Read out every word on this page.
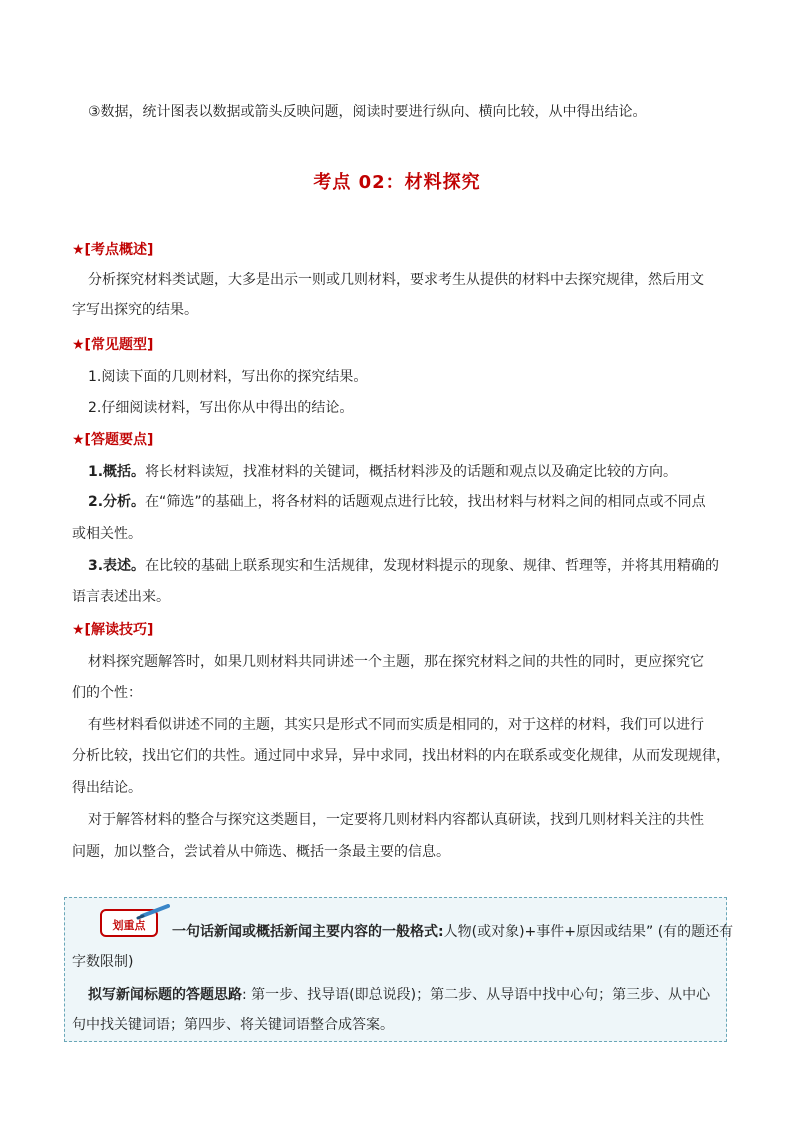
③数据，统计图表以数据或箭头反映问题，阅读时要进行纵向、横向比较，从中得出结论。
考点 02：材料探究
★[考点概述]
分析探究材料类试题，大多是出示一则或几则材料，要求考生从提供的材料中去探究规律，然后用文
字写出探究的结果。
★[常见题型]
1.阅读下面的几则材料，写出你的探究结果。
2.仔细阅读材料，写出你从中得出的结论。
★[答题要点]
1.概括。将长材料读短，找准材料的关键词，概括材料涉及的话题和观点以及确定比较的方向。
2.分析。在“筛选”的基础上，将各材料的话题观点进行比较，找出材料与材料之间的相同点或不同点
或相关性。
3.表述。在比较的基础上联系现实和生活规律，发现材料提示的现象、规律、哲理等，并将其用精确的
语言表述出来。
★[解读技巧]
材料探究题解答时，如果几则材料共同讲述一个主题，那在探究材料之间的共性的同时，更应探究它
们的个性：
有些材料看似讲述不同的主题，其实只是形式不同而实质是相同的，对于这样的材料，我们可以进行
分析比较，找出它们的共性。通过同中求异，异中求同，找出材料的内在联系或变化规律，从而发现规律，
得出结论。
对于解答材料的整合与探究这类题目，一定要将几则材料内容都认真研读，找到几则材料关注的共性
问题，加以整合，尝试着从中筛选、概括一条最主要的信息。
划重点 一句话新闻或概括新闻主要内容的一般格式:人物(或对象)+事件+原因或结果” (有的题还有
字数限制)
拟写新闻标题的答题思路: 第一步、找导语(即总说段)；第二步、从导语中找中心句；第三步、从中心
句中找关键词语；第四步、将关键词语整合成答案。
